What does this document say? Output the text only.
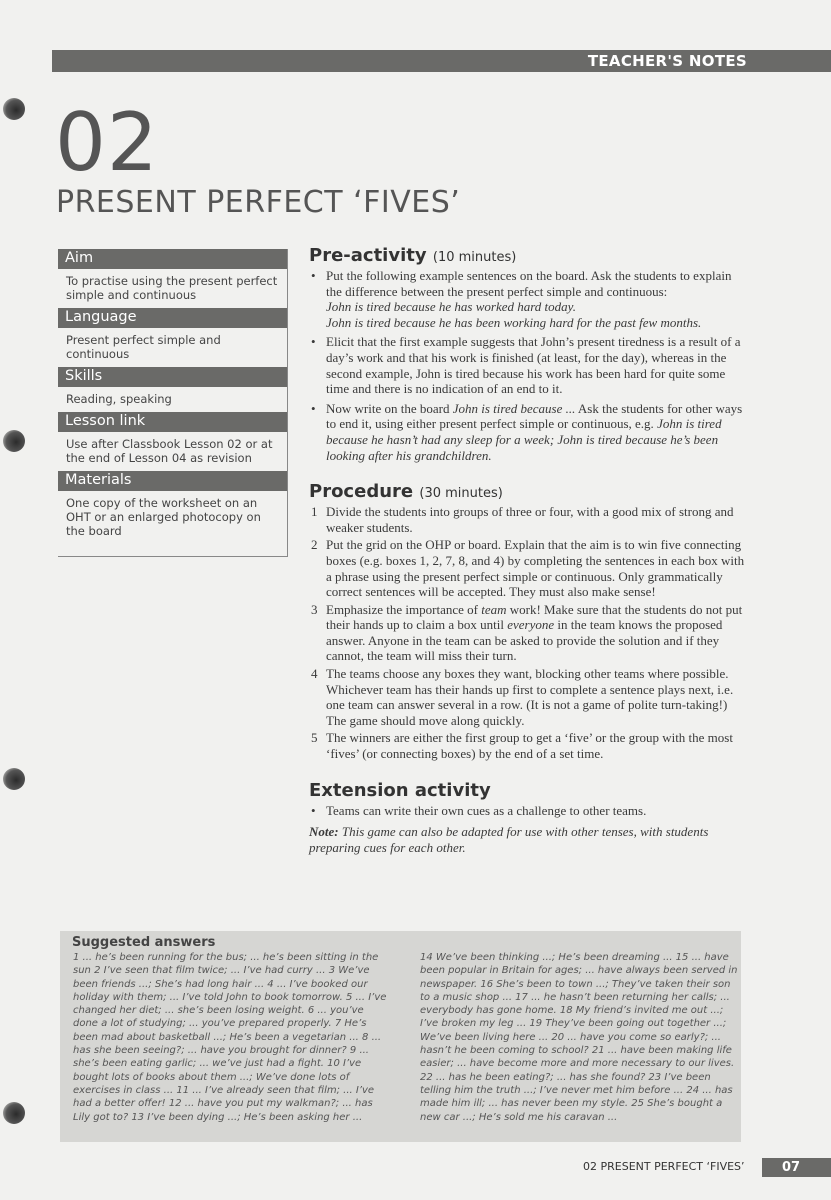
TEACHER'S NOTES
02
PRESENT PERFECT ‘FIVES’
Aim
To practise using the present perfect simple and continuous
Language
Present perfect simple and continuous
Skills
Reading, speaking
Lesson link
Use after Classbook Lesson 02 or at the end of Lesson 04 as revision
Materials
One copy of the worksheet on an OHT or an enlarged photocopy on the board
Pre-activity (10 minutes)
• Put the following example sentences on the board. Ask the students to explain the difference between the present perfect simple and continuous:
John is tired because he has worked hard today.
John is tired because he has been working hard for the past few months.
• Elicit that the first example suggests that John’s present tiredness is a result of a day’s work and that his work is finished (at least, for the day), whereas in the second example, John is tired because his work has been hard for quite some time and there is no indication of an end to it.
• Now write on the board John is tired because ... Ask the students for other ways to end it, using either present perfect simple or continuous, e.g. John is tired because he hasn’t had any sleep for a week; John is tired because he’s been looking after his grandchildren.
Procedure (30 minutes)
1 Divide the students into groups of three or four, with a good mix of strong and weaker students.
2 Put the grid on the OHP or board. Explain that the aim is to win five connecting boxes (e.g. boxes 1, 2, 7, 8, and 4) by completing the sentences in each box with a phrase using the present perfect simple or continuous. Only grammatically correct sentences will be accepted. They must also make sense!
3 Emphasize the importance of team work! Make sure that the students do not put their hands up to claim a box until everyone in the team knows the proposed answer. Anyone in the team can be asked to provide the solution and if they cannot, the team will miss their turn.
4 The teams choose any boxes they want, blocking other teams where possible. Whichever team has their hands up first to complete a sentence plays next, i.e. one team can answer several in a row. (It is not a game of polite turn-taking!) The game should move along quickly.
5 The winners are either the first group to get a ‘five’ or the group with the most ‘fives’ (or connecting boxes) by the end of a set time.
Extension activity
• Teams can write their own cues as a challenge to other teams.
Note: This game can also be adapted for use with other tenses, with students preparing cues for each other.
Suggested answers
1 ... he’s been running for the bus; ... he’s been sitting in the sun 2 I’ve seen that film twice; ... I’ve had curry ... 3 We’ve been friends ...; She’s had long hair ... 4 ... I’ve booked our holiday with them; ... I’ve told John to book tomorrow. 5 ... I’ve changed her diet; ... she’s been losing weight. 6 ... you’ve done a lot of studying; ... you’ve prepared properly. 7 He’s been mad about basketball ...; He’s been a vegetarian ... 8 ... has she been seeing?; ... have you brought for dinner? 9 ... she’s been eating garlic; ... we’ve just had a fight. 10 I’ve bought lots of books about them ...; We’ve done lots of exercises in class ... 11 ... I’ve already seen that film; ... I’ve had a better offer! 12 ... have you put my walkman?; ... has Lily got to? 13 I’ve been dying ...; He’s been asking her ...
14 We’ve been thinking ...; He’s been dreaming ... 15 ... have been popular in Britain for ages; ... have always been served in newspaper. 16 She’s been to town ...; They’ve taken their son to a music shop ... 17 ... he hasn’t been returning her calls; ... everybody has gone home. 18 My friend’s invited me out ...; I’ve broken my leg ... 19 They’ve been going out together ...; We’ve been living here ... 20 ... have you come so early?; ... hasn’t he been coming to school? 21 ... have been making life easier; ... have become more and more necessary to our lives. 22 ... has he been eating?; ... has she found? 23 I’ve been telling him the truth ...; I’ve never met him before ... 24 ... has made him ill; ... has never been my style. 25 She’s bought a new car ...; He’s sold me his caravan ...
02 PRESENT PERFECT ‘FIVES’	07
